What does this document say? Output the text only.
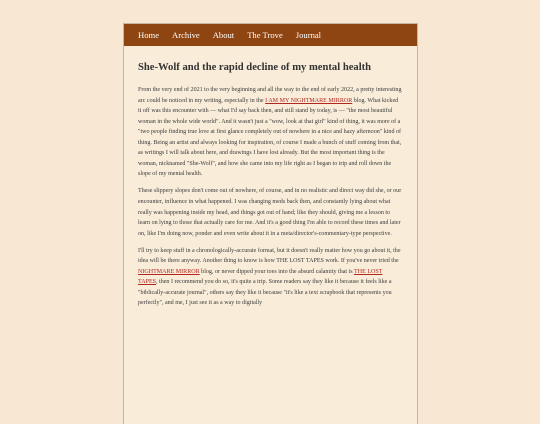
Home Archive About The Trove Journal
She-Wolf and the rapid decline of my mental health

From the very end of 2021 to the very beginning and all the way to the end of early 2022, a pretty interesting arc could be noticed in my writing, especially in the I AM MY NIGHTMARE MIRROR blog. What kicked it off was this encounter with — what I'd say back then, and still stand by today, is — "the most beautiful woman in the whole wide world". And it wasn't just a "wow, look at that girl" kind of thing, it was more of a "two people finding true love at first glance completely out of nowhere in a nice and hazy afternoon" kind of thing. Being an artist and always looking for inspiration, of course I made a bunch of stuff coming from that, as writings I will talk about here, and drawings I have lost already. But the most important thing is the woman, nicknamed "She-Wolf", and how she came into my life right as I began to trip and roll down the slope of my mental health.

These slippery slopes don't come out of nowhere, of course, and in no realistic and direct way did she, or our encounter, influence in what happened. I was changing meds back then, and constantly lying about what really was happening inside my head, and things got out of hand; like they should, giving me a lesson to learn on lying to those that actually care for me. And it's a good thing I'm able to record these times and later on, like I'm doing now, ponder and even write about it in a meta/director's-commentary-type perspective.

I'll try to keep stuff in a chronologically-accurate format, but it doesn't really matter how you go about it, the idea will be there anyway. Another thing to know is how THE LOST TAPES work. If you've never tried the NIGHTMARE MIRROR blog, or never dipped your toes into the absurd calamity that is THE LOST TAPES, then I recommend you do so, it's quite a trip. Some readers say they like it because it feels like a "biblically-accurate journal", others say they like it because "it's like a text scrapbook that represents you perfectly", and me, I just see it as a way to digitally
